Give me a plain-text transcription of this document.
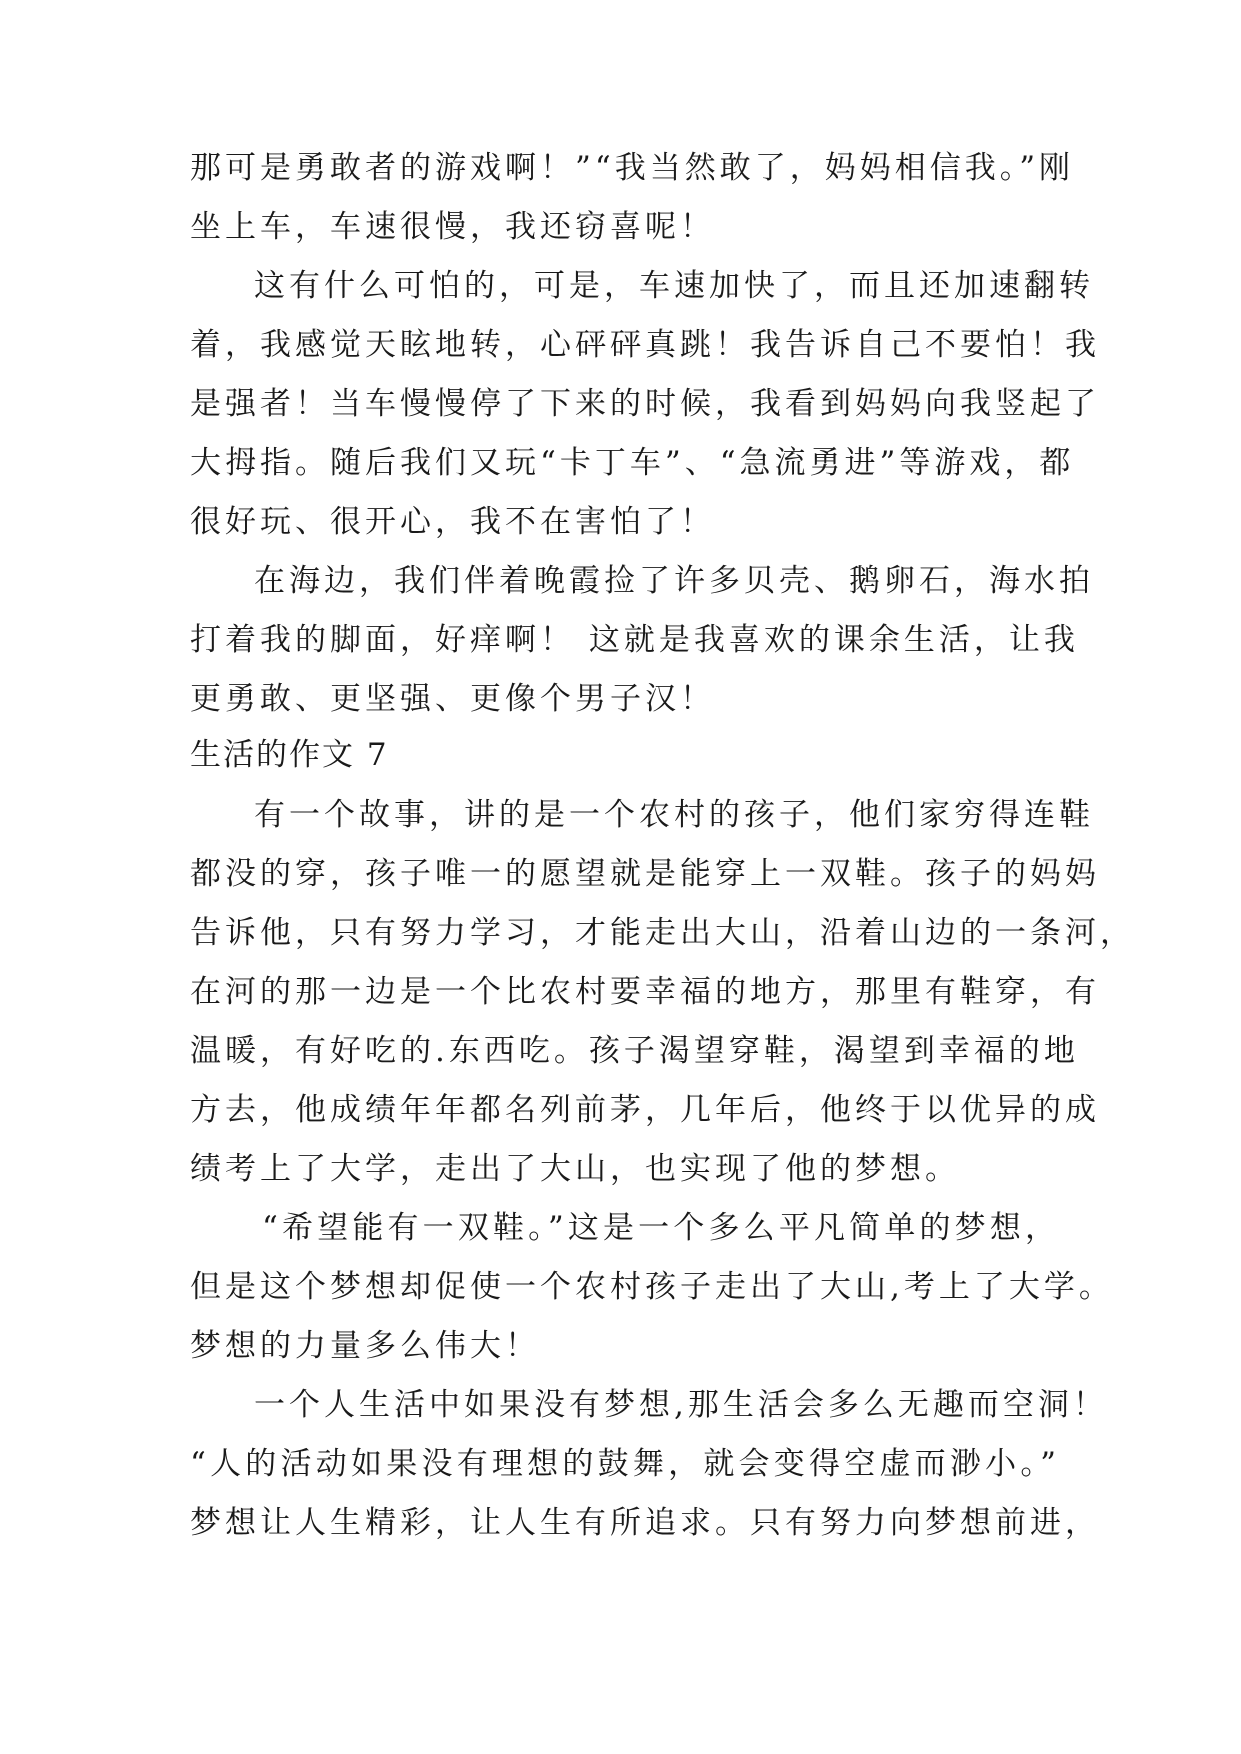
那可是勇敢者的游戏啊！”“我当然敢了，妈妈相信我。”刚
坐上车，车速很慢，我还窃喜呢！
这有什么可怕的，可是，车速加快了，而且还加速翻转
着，我感觉天眩地转，心砰砰真跳！我告诉自己不要怕！我
是强者！当车慢慢停了下来的时候，我看到妈妈向我竖起了
大拇指。随后我们又玩“卡丁车”、“急流勇进”等游戏，都
很好玩、很开心，我不在害怕了！
在海边，我们伴着晚霞捡了许多贝壳、鹅卵石，海水拍
打着我的脚面，好痒啊！ 这就是我喜欢的课余生活，让我
更勇敢、更坚强、更像个男子汉！
生活的作文 7
有一个故事，讲的是一个农村的孩子，他们家穷得连鞋
都没的穿，孩子唯一的愿望就是能穿上一双鞋。孩子的妈妈
告诉他，只有努力学习，才能走出大山，沿着山边的一条河，
在河的那一边是一个比农村要幸福的地方，那里有鞋穿，有
温暖，有好吃的.东西吃。孩子渴望穿鞋，渴望到幸福的地
方去，他成绩年年都名列前茅，几年后，他终于以优异的成
绩考上了大学，走出了大山，也实现了他的梦想。
“希望能有一双鞋。”这是一个多么平凡简单的梦想，
但是这个梦想却促使一个农村孩子走出了大山,考上了大学。
梦想的力量多么伟大！
一个人生活中如果没有梦想,那生活会多么无趣而空洞！
“人的活动如果没有理想的鼓舞，就会变得空虚而渺小。”
梦想让人生精彩，让人生有所追求。只有努力向梦想前进，
